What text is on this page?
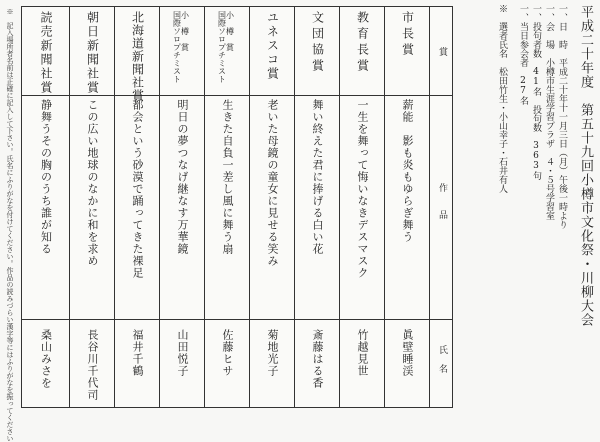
平成二十年度　第五十九回小樽市文化祭・川柳大会
一、日　時　平成二十年十一月三日（月）午後一時より
一、会　場　小樽市生涯学習プラザ　４・５号学習室
一、投句者数　41名　投句数　363句
一、当日参会者　27名
※　選者氏名　松田竹生・小山幸子・石井有人
賞
作品
氏名
市長賞
薪能　影も炎もゆらぎ舞う
眞壁睡渓
教育長賞
一生を舞って悔いなきデスマスク
竹越見世
文団協賞
舞い終えた君に捧げる白い花
斎藤はる香
ユネスコ賞
老いた母鏡の童女に見せる笑み
菊地光子
国際ソロプチミスト 小　樽　賞
生きた自負一差し風に舞う扇
佐藤ヒサ
国際ソロプチミスト 小　樽　賞
明日の夢つなげ継なす万華鏡
山田悦子
北海道新聞社賞
都会という砂漠で踊ってきた裸足
福井千鶴
朝日新聞社賞
この広い地球のなかに和を求め
長谷川千代司
読売新聞社賞
静舞うその胸のうち誰が知る
桑山みさを
※　記入場所者名前は正確に記入して下さい。氏名にふりがなを付けてください。作品の読みづらい漢字等にはふりがなを振ってください
